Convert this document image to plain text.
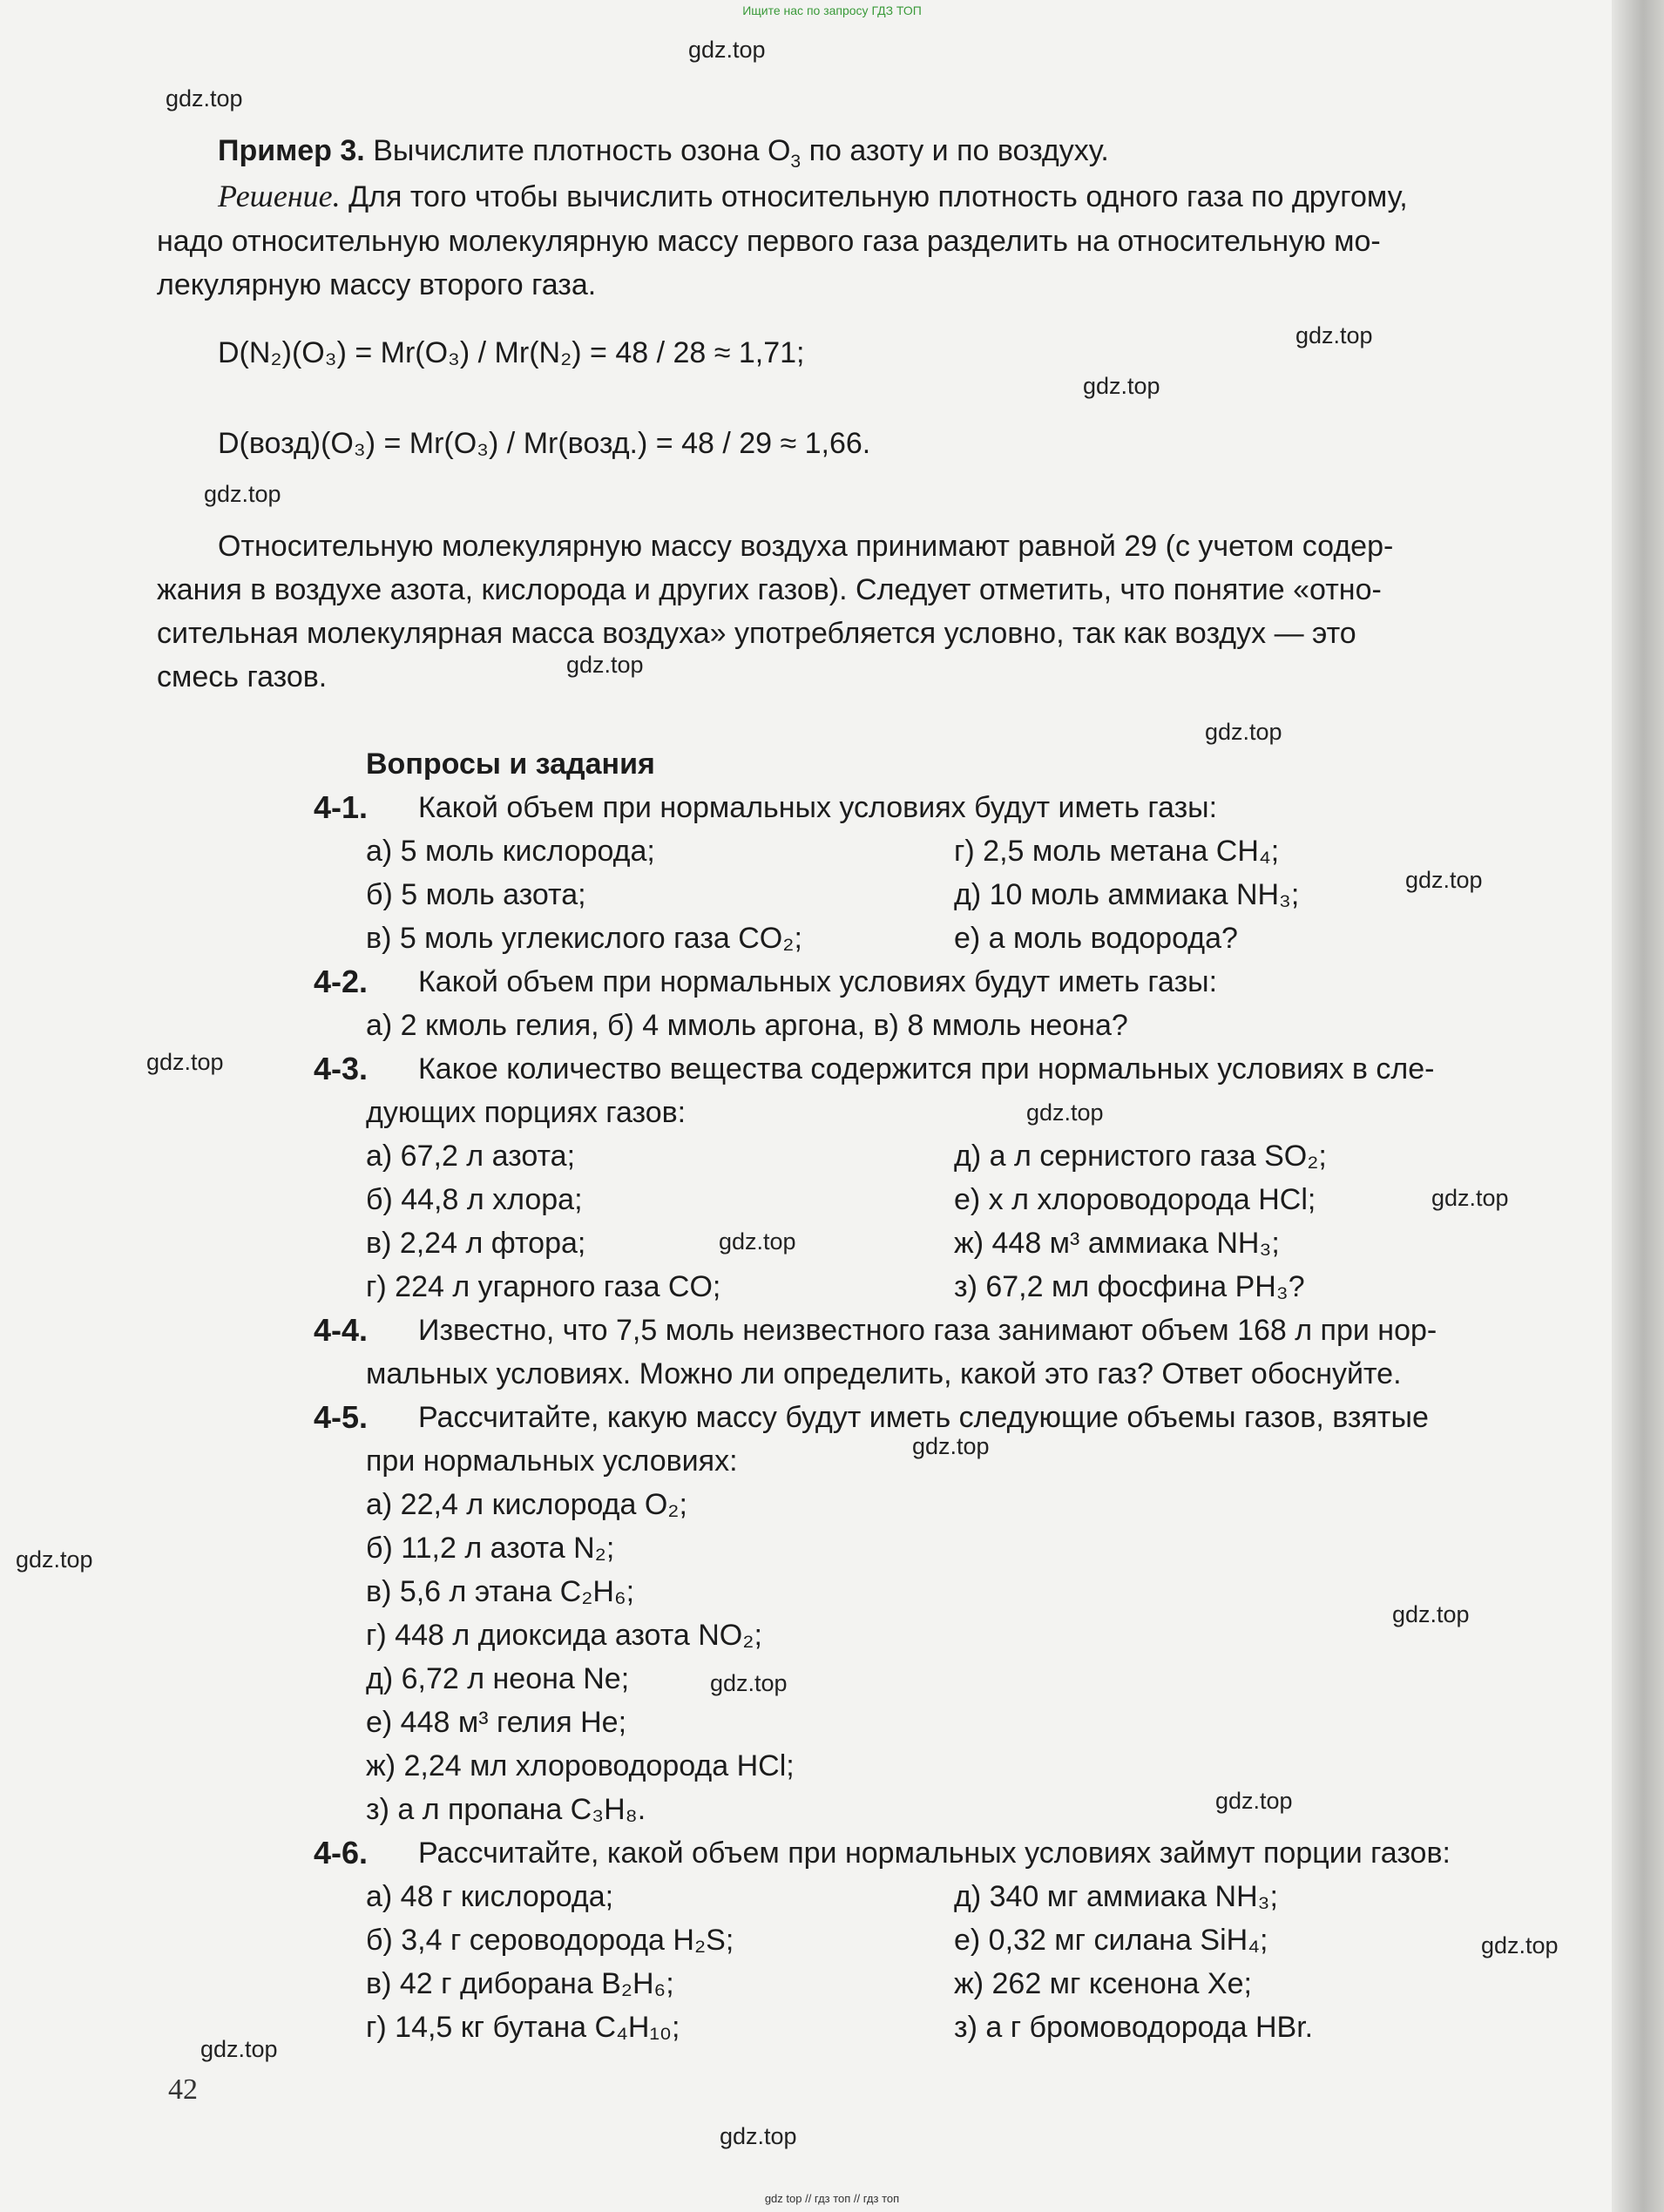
Ищите нас по запросу ГДЗ ТОП
gdz.top
gdz.top
gdz.top
gdz.top
gdz.top
gdz.top
gdz.top
gdz.top
gdz.top
gdz.top
gdz.top
gdz.top
gdz.top
gdz.top
gdz.top
gdz.top
gdz.top
gdz.top
gdz.top
gdz.top
Пример 3. Вычислите плотность озона $O_3$ по азоту и по воздуху.
Решение. Для того чтобы вычислить относительную плотность одного газа по другому,
надо относительную молекулярную массу первого газа разделить на относительную мо-
лекулярную массу второго газа.
D(N₂)(O₃) = Mr(O₃) / Mr(N₂) = 48 / 28 ≈ 1,71;
D(возд)(O₃) = Mr(O₃) / Mr(возд.) = 48 / 29 ≈ 1,66.
Относительную молекулярную массу воздуха принимают равной 29 (с учетом содер-
жания в воздухе азота, кислорода и других газов). Следует отметить, что понятие «отно-
сительная молекулярная масса воздуха» употребляется условно, так как воздух — это
смесь газов.
Вопросы и задания
4-1. Какой объем при нормальных условиях будут иметь газы:
а) 5 моль кислорода;
б) 5 моль азота;
в) 5 моль углекислого газа CO₂;
г) 2,5 моль метана CH₄;
д) 10 моль аммиака NH₃;
е) a моль водорода?
4-2. Какой объем при нормальных условиях будут иметь газы:
а) 2 кмоль гелия, б) 4 ммоль аргона, в) 8 ммоль неона?
4-3. Какое количество вещества содержится при нормальных условиях в сле-
дующих порциях газов:
а) 67,2 л азота;
б) 44,8 л хлора;
в) 2,24 л фтора;
г) 224 л угарного газа CO;
д) a л сернистого газа SO₂;
е) x л хлороводорода HCl;
ж) 448 м³ аммиака NH₃;
з) 67,2 мл фосфина PH₃?
4-4. Известно, что 7,5 моль неизвестного газа занимают объем 168 л при нор-
мальных условиях. Можно ли определить, какой это газ? Ответ обоснуйте.
4-5. Рассчитайте, какую массу будут иметь следующие объемы газов, взятые
при нормальных условиях:
а) 22,4 л кислорода O₂;
б) 11,2 л азота N₂;
в) 5,6 л этана C₂H₆;
г) 448 л диоксида азота NO₂;
д) 6,72 л неона Ne;
е) 448 м³ гелия He;
ж) 2,24 мл хлороводорода HCl;
з) a л пропана C₃H₈.
4-6. Рассчитайте, какой объем при нормальных условиях займут порции газов:
а) 48 г кислорода;
б) 3,4 г сероводорода H₂S;
в) 42 г диборана B₂H₆;
г) 14,5 кг бутана C₄H₁₀;
д) 340 мг аммиака NH₃;
е) 0,32 мг силана SiH₄;
ж) 262 мг ксенона Xe;
з) a г бромоводорода HBr.
42
gdz top // гдз топ // гдз топ
